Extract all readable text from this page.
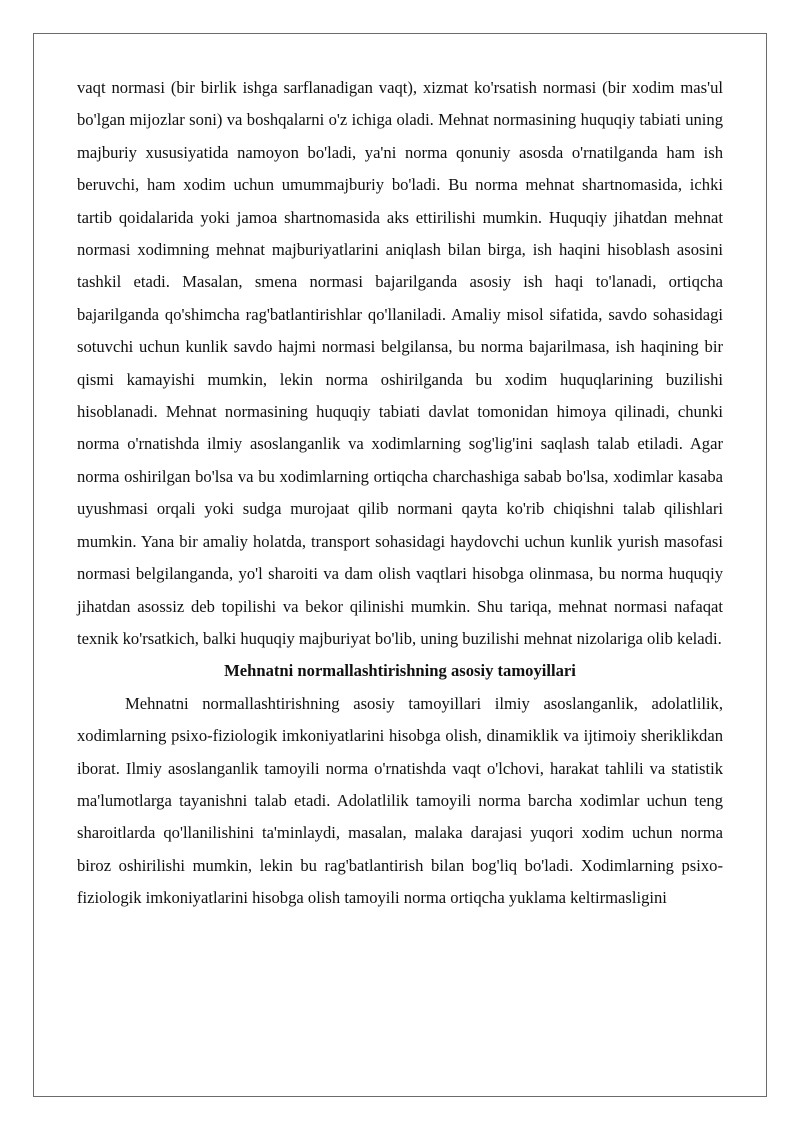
vaqt normasi (bir birlik ishga sarflanadigan vaqt), xizmat ko'rsatish normasi (bir xodim mas'ul bo'lgan mijozlar soni) va boshqalarni o'z ichiga oladi. Mehnat normasining huquqiy tabiati uning majburiy xususiyatida namoyon bo'ladi, ya'ni norma qonuniy asosda o'rnatilganda ham ish beruvchi, ham xodim uchun umummajburiy bo'ladi. Bu norma mehnat shartnomasida, ichki tartib qoidalarida yoki jamoa shartnomasida aks ettirilishi mumkin. Huquqiy jihatdan mehnat normasi xodimning mehnat majburiyatlarini aniqlash bilan birga, ish haqini hisoblash asosini tashkil etadi. Masalan, smena normasi bajarilganda asosiy ish haqi to'lanadi, ortiqcha bajarilganda qo'shimcha rag'batlantirishlar qo'llaniladi. Amaliy misol sifatida, savdo sohasidagi sotuvchi uchun kunlik savdo hajmi normasi belgilansa, bu norma bajarilmasa, ish haqining bir qismi kamayishi mumkin, lekin norma oshirilganda bu xodim huquqlarining buzilishi hisoblanadi. Mehnat normasining huquqiy tabiati davlat tomonidan himoya qilinadi, chunki norma o'rnatishda ilmiy asoslanganlik va xodimlarning sog'lig'ini saqlash talab etiladi. Agar norma oshirilgan bo'lsa va bu xodimlarning ortiqcha charchashiga sabab bo'lsa, xodimlar kasaba uyushmasi orqali yoki sudga murojaat qilib normani qayta ko'rib chiqishni talab qilishlari mumkin. Yana bir amaliy holatda, transport sohasidagi haydovchi uchun kunlik yurish masofasi normasi belgilanganda, yo'l sharoiti va dam olish vaqtlari hisobga olinmasa, bu norma huquqiy jihatdan asossiz deb topilishi va bekor qilinishi mumkin. Shu tariqa, mehnat normasi nafaqat texnik ko'rsatkich, balki huquqiy majburiyat bo'lib, uning buzilishi mehnat nizolariga olib keladi.

Mehnatni normallashtirishning asosiy tamoyillari

Mehnatni normallashtirishning asosiy tamoyillari ilmiy asoslanganlik, adolatlilik, xodimlarning psixo-fiziologik imkoniyatlarini hisobga olish, dinamiklik va ijtimoiy sheriklikdan iborat. Ilmiy asoslanganlik tamoyili norma o'rnatishda vaqt o'lchovi, harakat tahlili va statistik ma'lumotlarga tayanishni talab etadi. Adolatlilik tamoyili norma barcha xodimlar uchun teng sharoitlarda qo'llanilishini ta'minlaydi, masalan, malaka darajasi yuqori xodim uchun norma biroz oshirilishi mumkin, lekin bu rag'batlantirish bilan bog'liq bo'ladi. Xodimlarning psixo-fiziologik imkoniyatlarini hisobga olish tamoyili norma ortiqcha yuklama keltirmasligini
